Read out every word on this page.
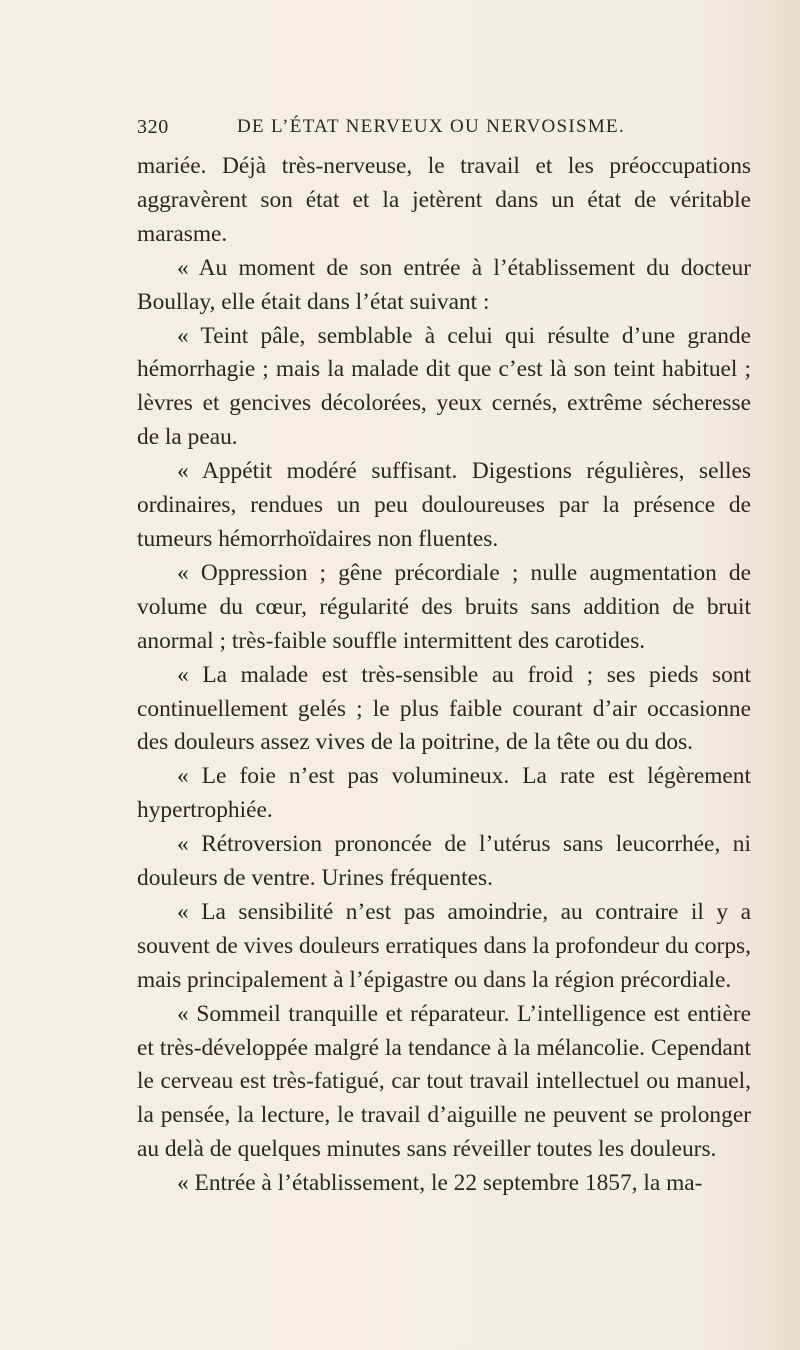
320	DE L’ÉTAT NERVEUX OU NERVOSISME.

mariée. Déjà très-nerveuse, le travail et les préoccupations aggravèrent son état et la jetèrent dans un état de véritable marasme.

« Au moment de son entrée à l’établissement du docteur Boullay, elle était dans l’état suivant :

« Teint pâle, semblable à celui qui résulte d’une grande hémorrhagie ; mais la malade dit que c’est là son teint habituel ; lèvres et gencives décolorées, yeux cernés, extrême sécheresse de la peau.

« Appétit modéré suffisant. Digestions régulières, selles ordinaires, rendues un peu douloureuses par la présence de tumeurs hémorrhoïdaires non fluentes.

« Oppression ; gêne précordiale ; nulle augmentation de volume du cœur, régularité des bruits sans addition de bruit anormal ; très-faible souffle intermittent des carotides.

« La malade est très-sensible au froid ; ses pieds sont continuellement gelés ; le plus faible courant d’air occasionne des douleurs assez vives de la poitrine, de la tête ou du dos.

« Le foie n’est pas volumineux. La rate est légèrement hypertrophiée.

« Rétroversion prononcée de l’utérus sans leucorrhée, ni douleurs de ventre. Urines fréquentes.

« La sensibilité n’est pas amoindrie, au contraire il y a souvent de vives douleurs erratiques dans la profondeur du corps, mais principalement à l’épigastre ou dans la région précordiale.

« Sommeil tranquille et réparateur. L’intelligence est entière et très-développée malgré la tendance à la mélancolie. Cependant le cerveau est très-fatigué, car tout travail intellectuel ou manuel, la pensée, la lecture, le travail d’aiguille ne peuvent se prolonger au delà de quelques minutes sans réveiller toutes les douleurs.

« Entrée à l’établissement, le 22 septembre 1857, la ma-
